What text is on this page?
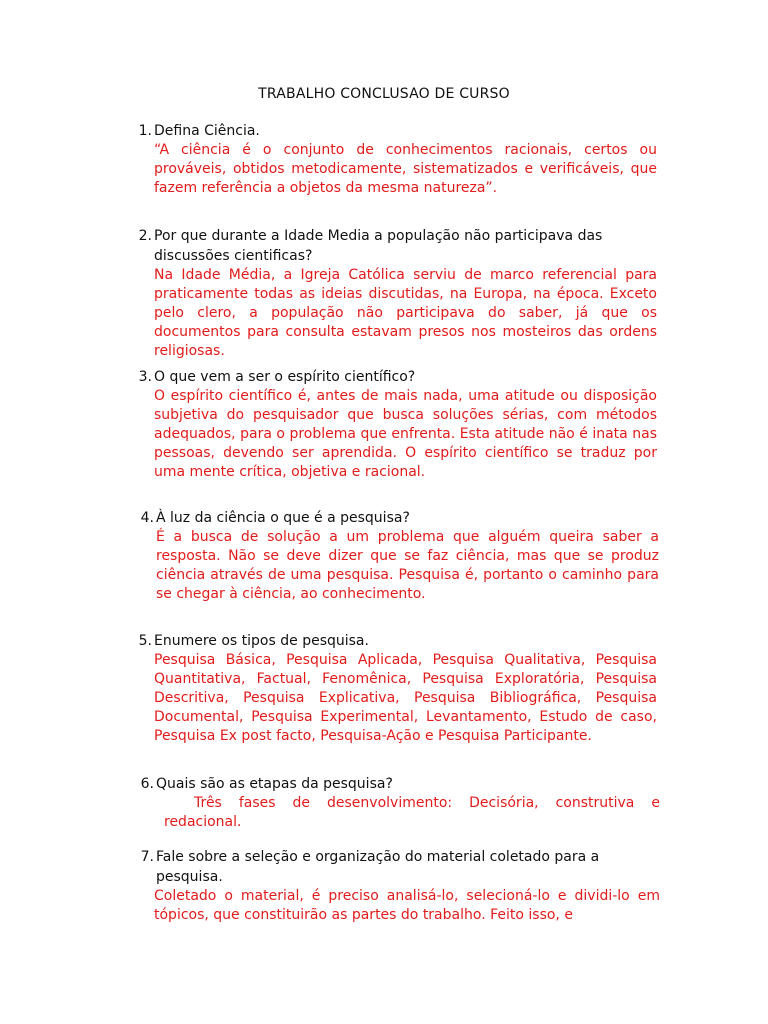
TRABALHO CONCLUSAO DE CURSO
1. Defina Ciência.
“A ciência é o conjunto de conhecimentos racionais, certos ou prováveis, obtidos metodicamente, sistematizados e verificáveis, que fazem referência a objetos da mesma natureza”.
2. Por que durante a Idade Media a população não participava das discussões cientificas?
Na Idade Média, a Igreja Católica serviu de marco referencial para praticamente todas as ideias discutidas, na Europa, na época. Exceto pelo clero, a população não participava do saber, já que os documentos para consulta estavam presos nos mosteiros das ordens religiosas.
3. O que vem a ser o espírito científico?
O espírito científico é, antes de mais nada, uma atitude ou disposição subjetiva do pesquisador que busca soluções sérias, com métodos adequados, para o problema que enfrenta. Esta atitude não é inata nas pessoas, devendo ser aprendida. O espírito científico se traduz por uma mente crítica, objetiva e racional.
4. À luz da ciência o que é a pesquisa?
É a busca de solução a um problema que alguém queira saber a resposta. Não se deve dizer que se faz ciência, mas que se produz ciência através de uma pesquisa. Pesquisa é, portanto o caminho para se chegar à ciência, ao conhecimento.
5. Enumere os tipos de pesquisa.
Pesquisa Básica, Pesquisa Aplicada, Pesquisa Qualitativa, Pesquisa Quantitativa, Factual, Fenomênica, Pesquisa Exploratória, Pesquisa Descritiva, Pesquisa Explicativa, Pesquisa Bibliográfica, Pesquisa Documental, Pesquisa Experimental, Levantamento, Estudo de caso, Pesquisa Ex post facto, Pesquisa-Ação e Pesquisa Participante.
6. Quais são as etapas da pesquisa?
Três fases de desenvolvimento: Decisória, construtiva e redacional.
7. Fale sobre a seleção e organização do material coletado para a pesquisa.
Coletado o material, é preciso analisá-lo, selecioná-lo e dividi-lo em tópicos, que constituirão as partes do trabalho. Feito isso, e
